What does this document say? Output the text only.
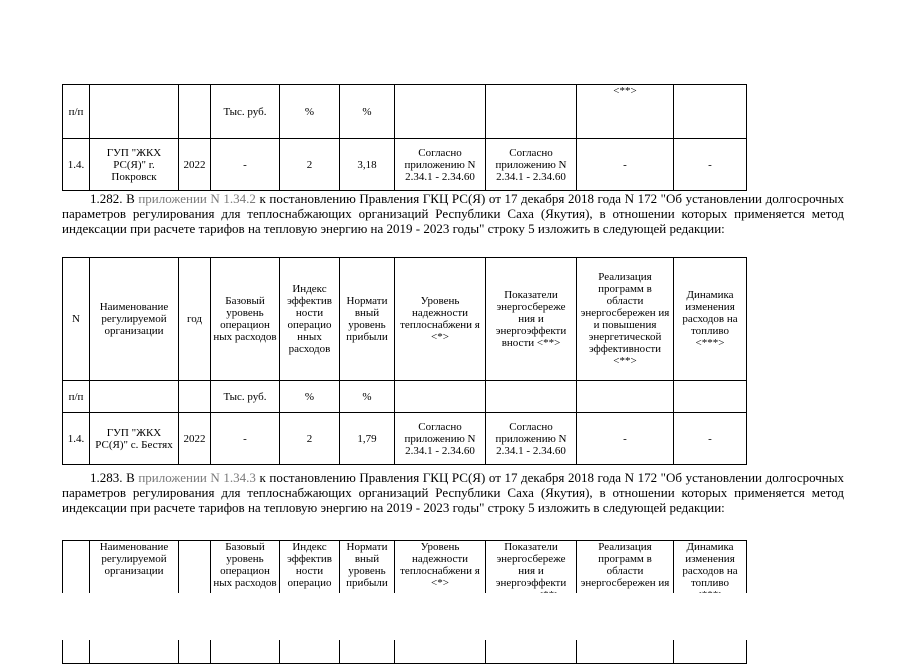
п/п			Тыс. руб.	%	%			<**>	
1.4.	ГУП "ЖКХ РС(Я)" г. Покровск	2022	-	2	3,18	Согласно приложению N 2.34.1 - 2.34.60	Согласно приложению N 2.34.1 - 2.34.60	-	-
1.282. В приложении N 1.34.2 к постановлению Правления ГКЦ РС(Я) от 17 декабря 2018 года N 172 "Об установлении долгосрочных параметров регулирования для теплоснабжающих организаций Республики Саха (Якутия), в отношении которых применяется метод индексации при расчете тарифов на тепловую энергию на 2019 - 2023 годы" строку 5 изложить в следующей редакции:
N	Наименование регулируемой организации	год	Базовый уровень операцион ных расходов	Индекс эффектив ности операцио нных расходов	Нормати вный уровень прибыли	Уровень надежности теплоснабжени я <*>	Показатели энергосбереже ния и энергоэффекти вности <**>	Реализация программ в области энергосбережен ия и повышения энергетической эффективности <**>	Динамика изменения расходов на топливо <***>
п/п			Тыс. руб.	%	%				
1.4.	ГУП "ЖКХ РС(Я)" с. Бестях	2022	-	2	1,79	Согласно приложению N 2.34.1 - 2.34.60	Согласно приложению N 2.34.1 - 2.34.60	-	-
1.283. В приложении N 1.34.3 к постановлению Правления ГКЦ РС(Я) от 17 декабря 2018 года N 172 "Об установлении долгосрочных параметров регулирования для теплоснабжающих организаций Республики Саха (Якутия), в отношении которых применяется метод индексации при расчете тарифов на тепловую энергию на 2019 - 2023 годы" строку 5 изложить в следующей редакции:
	Наименование регулируемой организации		Базовый уровень операцион ных расходов	Индекс эффектив ности операцио	Нормати вный уровень прибыли	Уровень надежности теплоснабжени я <*>	Показатели энергосбереже ния и энергоэффекти	Реализация программ в области энергосбережен ия	Динамика изменения расходов на топливо
